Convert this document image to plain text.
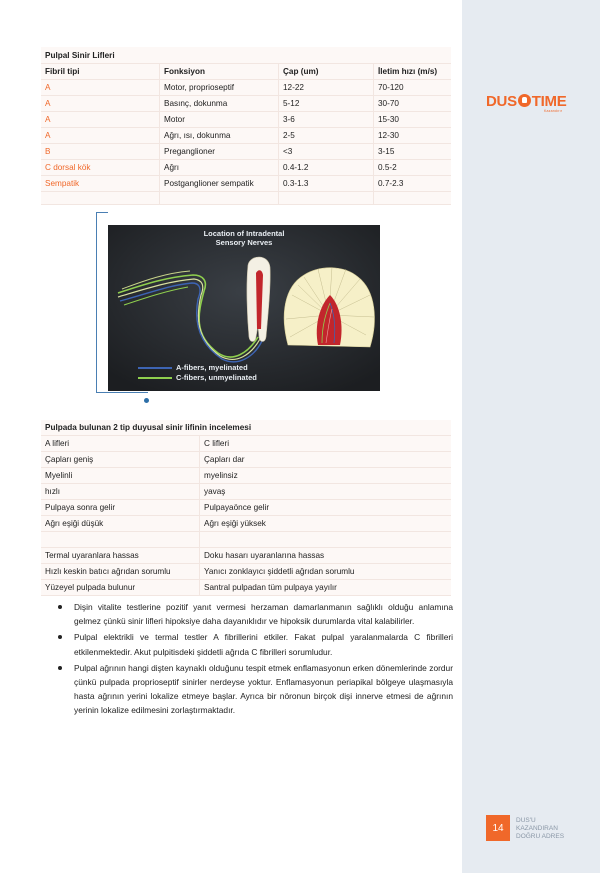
DUS TIME
Kazandırır
Pulpal Sinir Lifleri			
Fibril tipi	Fonksiyon	Çap (um)	İletim hızı (m/s)
A	Motor, proprioseptif	12-22	70-120
A	Basınç, dokunma	5-12	30-70
A	Motor	3-6	15-30
A	Ağrı, ısı, dokunma	2-5	12-30
B	Preganglioner	<3	3-15
C dorsal kök	Ağrı	0.4-1.2	0.5-2
Sempatik	Postganglioner sempatik	0.3-1.3	0.7-2.3

Location of Intradental
Sensory Nerves
A-fibers, myelinated
C-fibers, unmyelinated
Pulpada bulunan 2 tip duyusal sinir lifinin incelemesi	
A lifleri	C lifleri
Çapları geniş	Çapları dar
Myelinli	myelinsiz
hızlı	yavaş
Pulpaya sonra gelir	Pulpayaönce gelir
Ağrı eşiği düşük	Ağrı eşiği yüksek

Termal uyaranlara hassas	Doku hasarı uyaranlarına hassas
Hızlı keskin batıcı ağrıdan sorumlu	Yanıcı zonklayıcı şiddetli ağrıdan sorumlu
Yüzeyel pulpada bulunur	Santral pulpadan tüm pulpaya yayılır
Dişin vitalite testlerine pozitif yanıt vermesi herzaman damarlanmanın sağlıklı olduğu anlamına gelmez çünkü sinir lifleri hipoksiye daha dayanıklıdır ve hipoksik durumlarda vital kalabilirler.
Pulpal elektrikli ve termal testler A fibrillerini etkiler. Fakat pulpal yaralanmalarda C fibrilleri etkilenmektedir. Akut pulpitisdeki şiddetli ağrıda C fibrilleri sorumludur.
Pulpal ağrının hangi dişten kaynaklı olduğunu tespit etmek enflamasyonun erken dönemlerinde zordur çünkü pulpada proprioseptif sinirler nerdeyse yoktur. Enflamasyonun periapikal bölgeye ulaşmasıyla hasta ağrının yerini lokalize etmeye başlar. Ayrıca bir nöronun birçok dişi innerve etmesi de ağrının yerinin lokalize edilmesini zorlaştırmaktadır.
14
DUS'U
KAZANDIRAN
DOĞRU ADRES
